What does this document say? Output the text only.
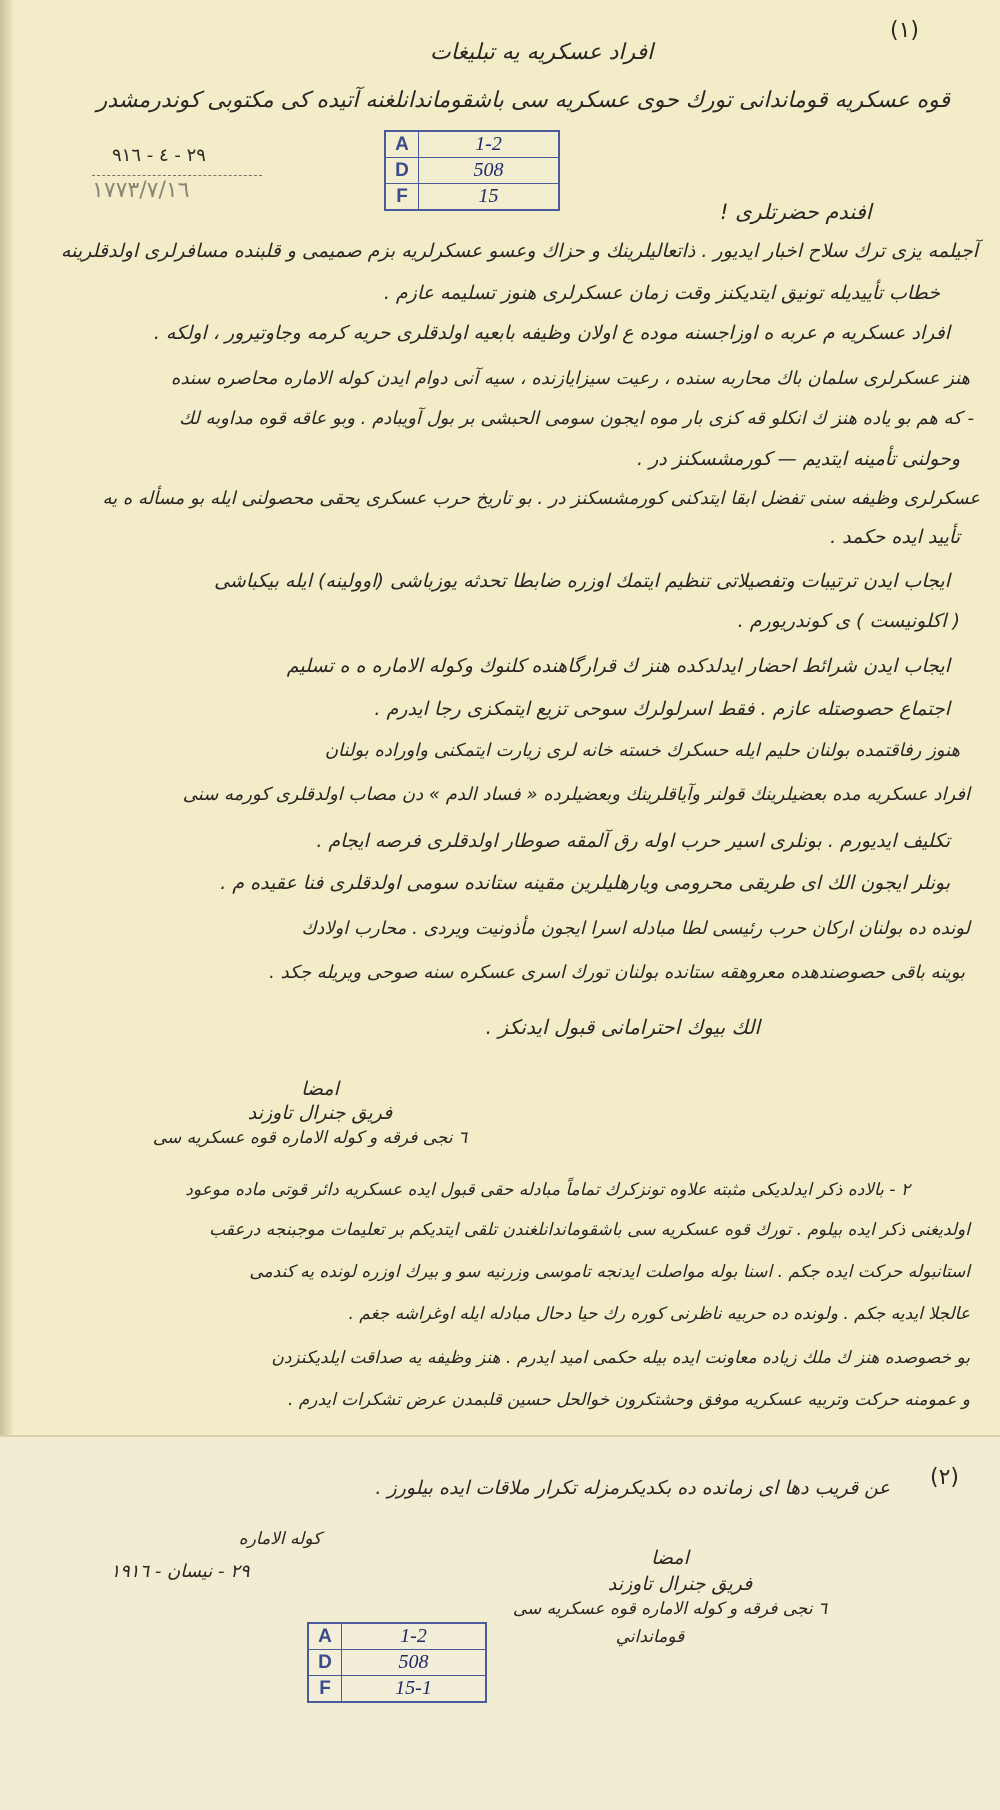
(١)
افراد عسكريه يه تبليغات
قوه عسكريه قوماندانى تورك حوى عسكريه سى باشقوماندانلغنه آتيده كى مكتوبى كوندرمشدر
٢٩ - ٤ - ٩١٦
١٧٧٣/٧/١٦
A	1-2
D	508
F	15
افندم حضرتلرى !
آجيلمه يزى ترك سلاح اخبار ايديور . ذاتعاليلرينك و حزاك وعسو عسكرلريه بزم صميمى و قلبنده مسافرلرى اولدقلرينه
خطاب تأييديله تونيق ايتديكنز وقت زمان عسكرلرى هنوز تسليمه عازم .
افراد عسكريه م عربه ه اوزاجسنه موده ع اولان وظيفه بابعيه اولدقلرى حريه كرمه وجاوتيرور ، اولكه .
هنز عسكرلرى سلمان باك محاربه سنده ، رعيت سيزايازنده ، سيه آنى دوام ايدن كوله الاماره محاصره سنده
- كه هم بو ياده هنز ك انكلو قه كزى بار موه ايجون سومى الحبشى بر بول آويبادم . وبو عاقه قوه مداوبه لك
وحولنى تأمينه ايتديم — كورمشسكنز در .
عسكرلرى وظيفه سنى تفضل ابقا ايتدكنى كورمشسكنز در . بو تاريخ حرب عسكرى يحقى محصولنى ايله بو مسأله ه يه
تأييد ايده حكمد .
ايجاب ايدن ترتيبات وتفصيلاتى تنظيم ايتمك اوزره ضابطا تحدثه يوزباشى (اوولينه) ايله بيكباشى
( اكلونيست ) ى كوندريورم .
ايجاب ايدن شرائط احضار ايدلدكده هنز ك قرارگاهنده كلنوك وكوله الاماره ه ه تسليم
اجتماع حصوصتله عازم . فقط اسرلولرك سوحى تزيع ايتمكزى رجا ايدرم .
هنوز رفاقتمده بولنان حليم ايله حسكرك خسته خانه لرى زيارت ايتمكنى واوراده بولنان
افراد عسكريه مده بعضيلرينك قولنر وآياقلرينك وبعضيلرده « فساد الدم » دن مصاب اولدقلرى كورمه سنى
تكليف ايديورم . بونلرى اسير حرب اوله رق آلمقه صوطار اولدقلرى فرصه ايجام .
بونلر ايجون الك اى طريقى محرومى ويارهليلرين مقينه ستانده سومى اولدقلرى فنا عقيده م .
لونده ده بولنان اركان حرب رئيسى لطا مبادله اسرا ايجون مأذونيت ويردى . محارب اولادك
بوينه باقى حصوصندهده معروهقه ستانده بولنان تورك اسرى عسكره سنه صوحى ويريله جكد .
الك بيوك احترامانى قبول ايدنكز .
امضا
فريق جنرال تاوزند
٦ نجى فرقه و كوله الاماره قوه عسكريه سى
٢ - بالاده ذكر ايدلديكى مثبته علاوه تونزكرك تماماً مبادله حقى قبول ايده عسكريه دائر قوتى ماده موعود
اولديغنى ذكر ايده بيلوم . تورك قوه عسكريه سى باشقوماندانلغندن تلقى ايتديكم بر تعليمات موجبنجه درعقب
استانبوله حركت ايده جكم . اسنا بوله مواصلت ايدنجه تاموسى وزرنيه سو و بيرك اوزره لونده يه كندمى
عالجلا ايديه جكم . ولونده ده حربيه ناظرنى كوره رك حيا دحال مبادله ايله اوغراشه جغم .
بو خصوصده هنز ك ملك زياده معاونت ايده بيله حكمى اميد ايدرم . هنز وظيفه يه صداقت ايلديكنزدن
و عمومنه حركت وتربيه عسكريه موفق وحشتكرون خوالحل حسين قلبمدن عرض تشكرات ايدرم .
(٢)
عن قريب دها اى زمانده ده بكديكرمزله تكرار ملاقات ايده بيلورز .
كوله الاماره
٢٩ - نيسان - ١٩١٦
امضا
فريق جنرال تاوزند
٦ نجى فرقه و كوله الاماره قوه عسكريه سى
قومانداني
A	1-2
D	508
F	15-1
